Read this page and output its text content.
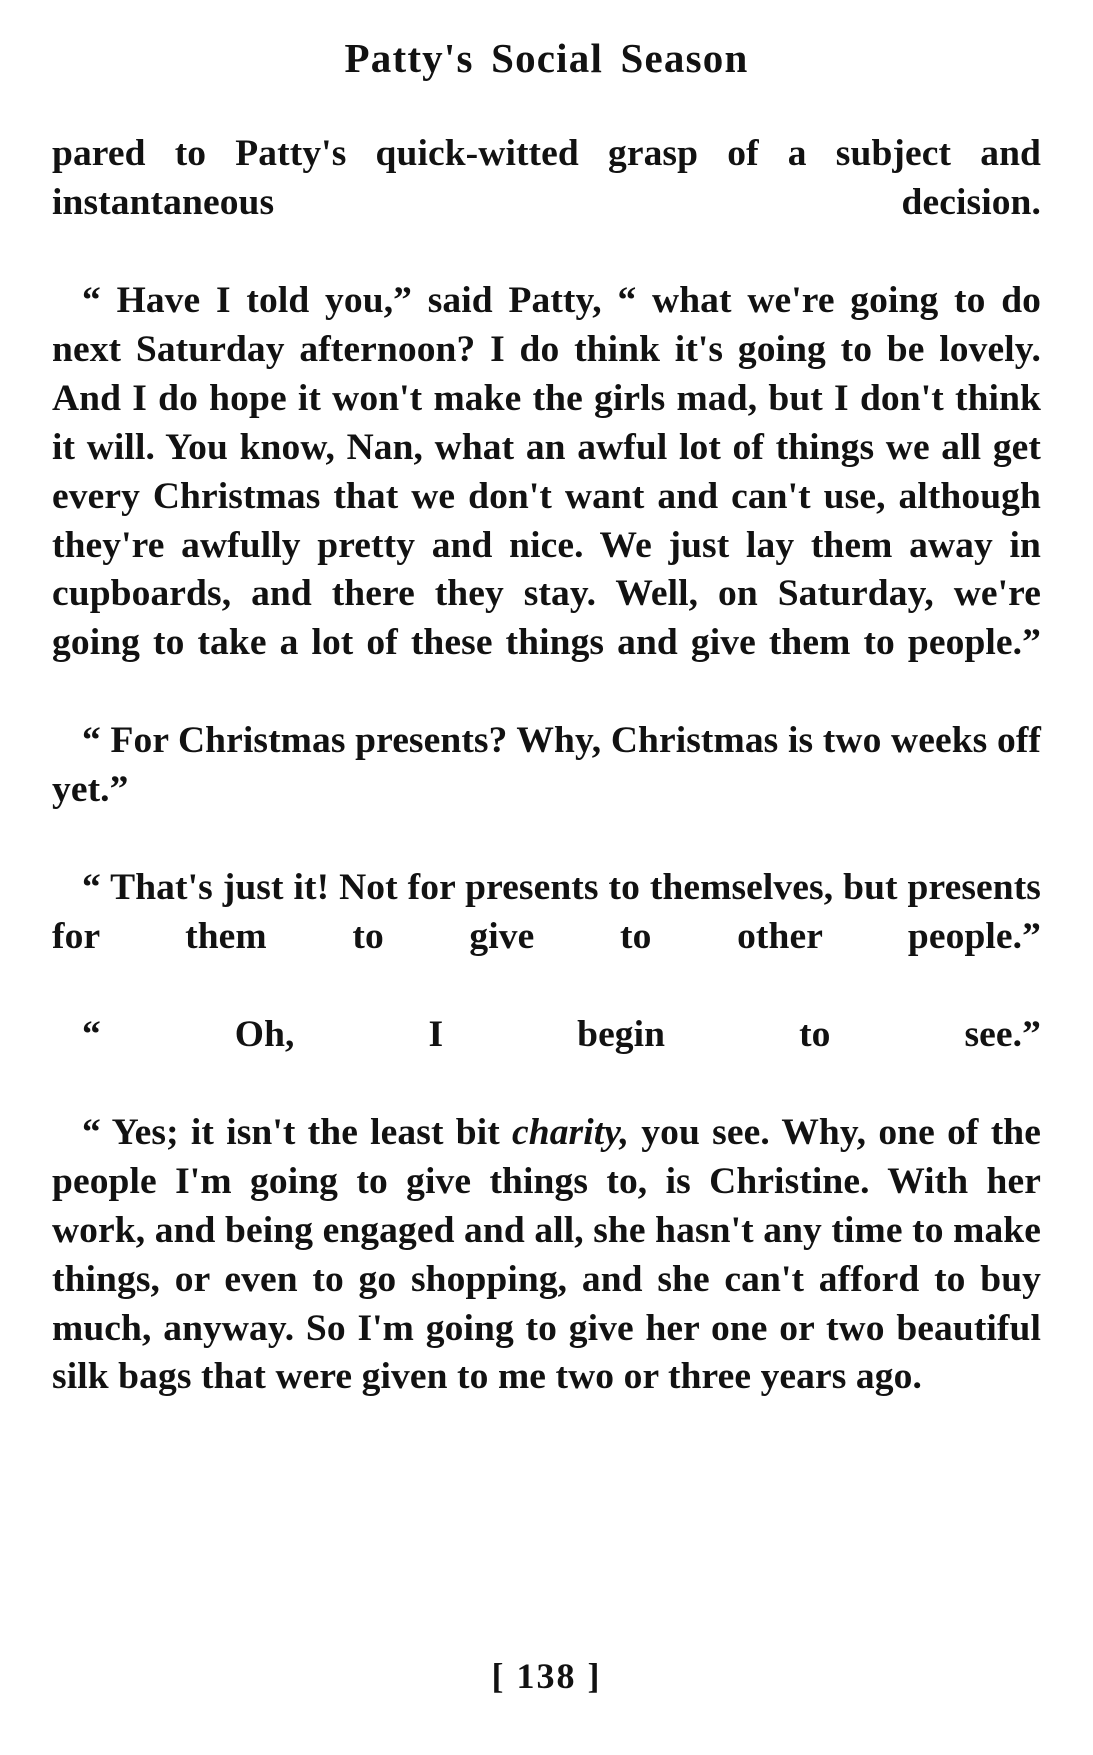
Patty's Social Season

pared to Patty's quick-witted grasp of a subject and instantaneous decision.

“ Have I told you,” said Patty, “ what we're going to do next Saturday afternoon? I do think it's going to be lovely. And I do hope it won't make the girls mad, but I don't think it will. You know, Nan, what an awful lot of things we all get every Christmas that we don't want and can't use, although they're awfully pretty and nice. We just lay them away in cupboards, and there they stay. Well, on Saturday, we're going to take a lot of these things and give them to people.”

“ For Christmas presents? Why, Christmas is two weeks off yet.”

“ That's just it! Not for presents to themselves, but presents for them to give to other people.”

“ Oh, I begin to see.”

“ Yes; it isn't the least bit charity, you see. Why, one of the people I'm going to give things to, is Christine. With her work, and being engaged and all, she hasn't any time to make things, or even to go shopping, and she can't afford to buy much, anyway. So I'm going to give her one or two beautiful silk bags that were given to me two or three years ago.

[ 138 ]
